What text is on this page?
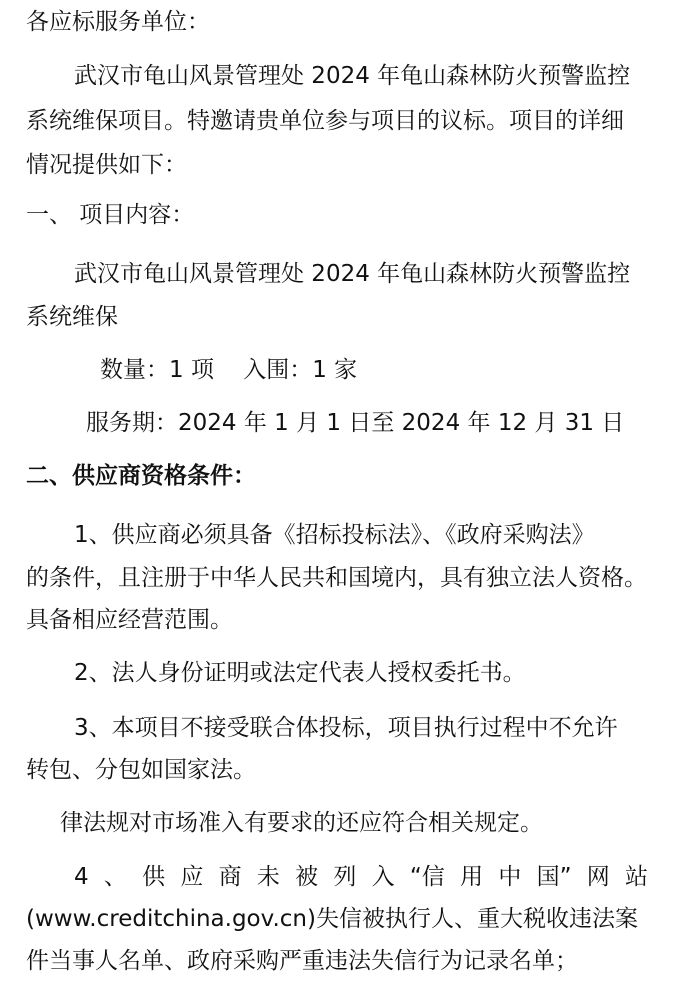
各应标服务单位：
武汉市龟山风景管理处 2024 年龟山森林防火预警监控
系统维保项目。特邀请贵单位参与项目的议标。项目的详细
情况提供如下：
一、 项目内容：
武汉市龟山风景管理处 2024 年龟山森林防火预警监控
系统维保
数量：1 项    入围：1 家
服务期：2024 年 1 月 1 日至 2024 年 12 月 31 日
二、供应商资格条件：
1、供应商必须具备《招标投标法》、《政府采购法》
的条件，且注册于中华人民共和国境内，具有独立法人资格。
具备相应经营范围。
2、法人身份证明或法定代表人授权委托书。
3、本项目不接受联合体投标，项目执行过程中不允许
转包、分包如国家法。
律法规对市场准入有要求的还应符合相关规定。
4 、 供 应 商 未 被 列 入 “信 用 中 国” 网 站
(www.creditchina.gov.cn)失信被执行人、重大税收违法案
件当事人名单、政府采购严重违法失信行为记录名单；
